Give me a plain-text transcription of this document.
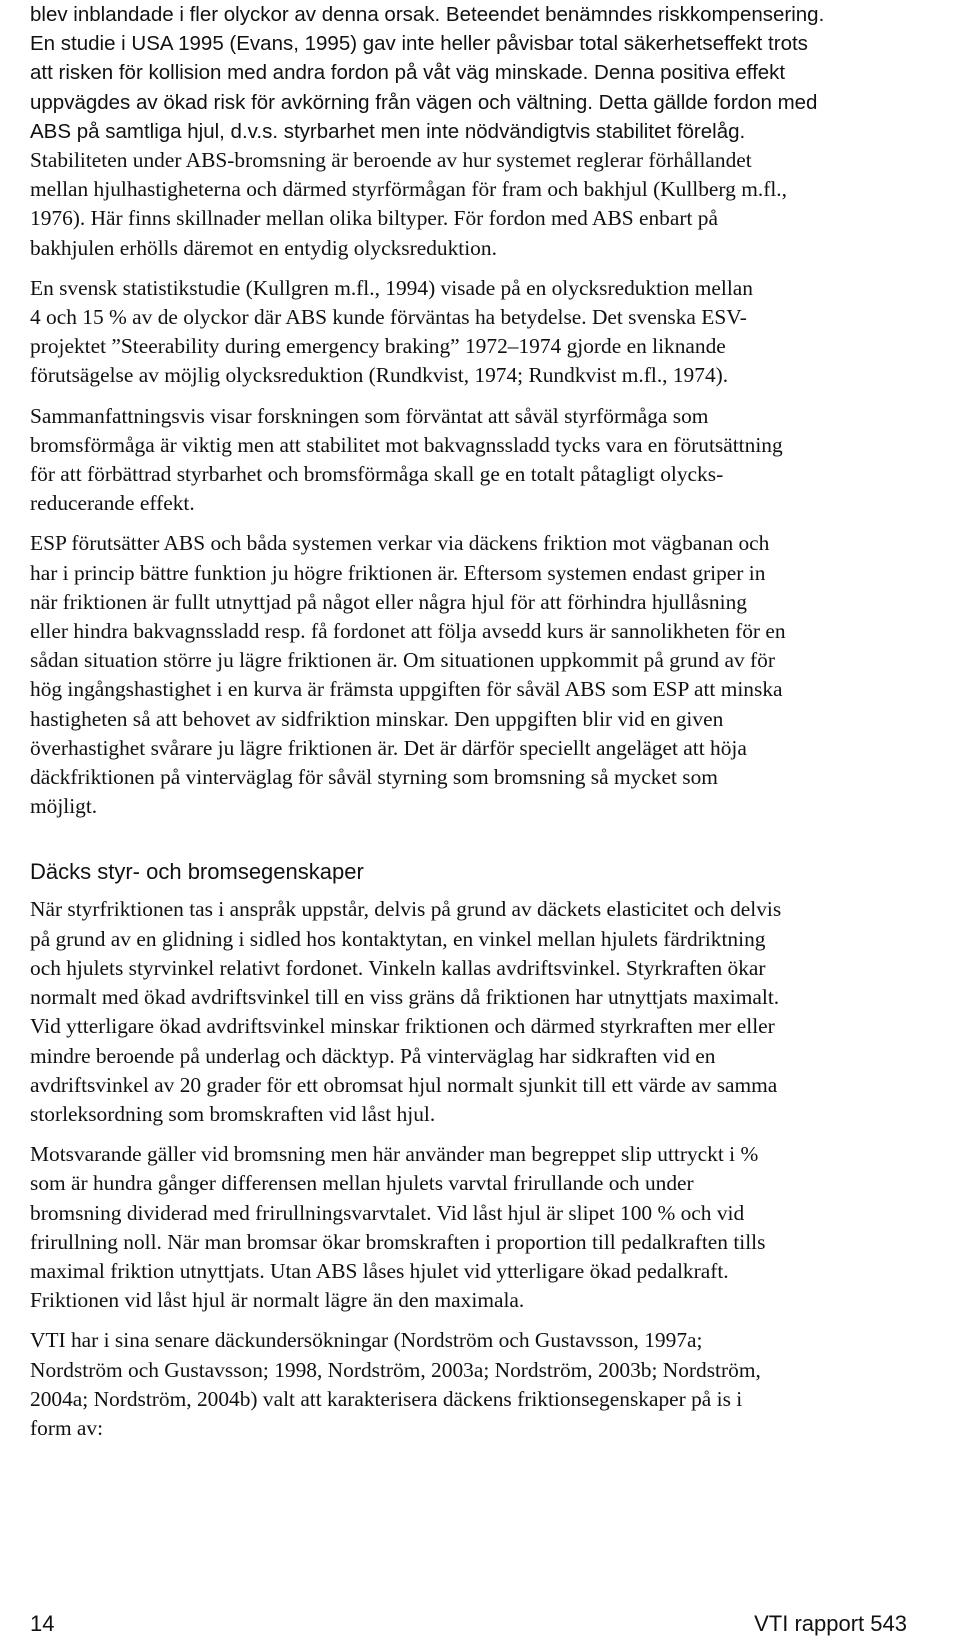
blev inblandade i fler olyckor av denna orsak. Beteendet benämndes riskkompensering.
En studie i USA 1995 (Evans, 1995) gav inte heller påvisbar total säkerhetseffekt trots
att risken för kollision med andra fordon på våt väg minskade. Denna positiva effekt
uppvägdes av ökad risk för avkörning från vägen och vältning. Detta gällde fordon med
ABS på samtliga hjul, d.v.s. styrbarhet men inte nödvändigtvis stabilitet förelåg.
Stabiliteten under ABS-bromsning är beroende av hur systemet reglerar förhållandet
mellan hjulhastigheterna och därmed styrförmågan för fram och bakhjul (Kullberg m.fl.,
1976). Här finns skillnader mellan olika biltyper. För fordon med ABS enbart på
bakhjulen erhölls däremot en entydig olycksreduktion.

En svensk statistikstudie (Kullgren m.fl., 1994) visade på en olycksreduktion mellan
4 och 15 % av de olyckor där ABS kunde förväntas ha betydelse. Det svenska ESV-
projektet ”Steerability during emergency braking” 1972–1974 gjorde en liknande
förutsägelse av möjlig olycksreduktion (Rundkvist, 1974; Rundkvist m.fl., 1974).

Sammanfattningsvis visar forskningen som förväntat att såväl styrförmåga som
bromsförmåga är viktig men att stabilitet mot bakvagnssladd tycks vara en förutsättning
för att förbättrad styrbarhet och bromsförmåga skall ge en totalt påtagligt olycks-
reducerande effekt.

ESP förutsätter ABS och båda systemen verkar via däckens friktion mot vägbanan och
har i princip bättre funktion ju högre friktionen är. Eftersom systemen endast griper in
när friktionen är fullt utnyttjad på något eller några hjul för att förhindra hjullåsning
eller hindra bakvagnssladd resp. få fordonet att följa avsedd kurs är sannolikheten för en
sådan situation större ju lägre friktionen är. Om situationen uppkommit på grund av för
hög ingångshastighet i en kurva är främsta uppgiften för såväl ABS som ESP att minska
hastigheten så att behovet av sidfriktion minskar. Den uppgiften blir vid en given
överhastighet svårare ju lägre friktionen är. Det är därför speciellt angeläget att höja
däckfriktionen på vinterväglag för såväl styrning som bromsning så mycket som
möjligt.

Däcks styr- och bromsegenskaper

När styrfriktionen tas i anspråk uppstår, delvis på grund av däckets elasticitet och delvis
på grund av en glidning i sidled hos kontaktytan, en vinkel mellan hjulets färdriktning
och hjulets styrvinkel relativt fordonet. Vinkeln kallas avdriftsvinkel. Styrkraften ökar
normalt med ökad avdriftsvinkel till en viss gräns då friktionen har utnyttjats maximalt.
Vid ytterligare ökad avdriftsvinkel minskar friktionen och därmed styrkraften mer eller
mindre beroende på underlag och däcktyp. På vinterväglag har sidkraften vid en
avdriftsvinkel av 20 grader för ett obromsat hjul normalt sjunkit till ett värde av samma
storleksordning som bromskraften vid låst hjul.

Motsvarande gäller vid bromsning men här använder man begreppet slip uttryckt i %
som är hundra gånger differensen mellan hjulets varvtal frirullande och under
bromsning dividerad med frirullningsvarvtalet. Vid låst hjul är slipet 100 % och vid
frirullning noll. När man bromsar ökar bromskraften i proportion till pedalkraften tills
maximal friktion utnyttjats. Utan ABS låses hjulet vid ytterligare ökad pedalkraft.
Friktionen vid låst hjul är normalt lägre än den maximala.

VTI har i sina senare däckundersökningar (Nordström och Gustavsson, 1997a;
Nordström och Gustavsson; 1998, Nordström, 2003a; Nordström, 2003b; Nordström,
2004a; Nordström, 2004b) valt att karakterisera däckens friktionsegenskaper på is i
form av:

14	VTI rapport 543
